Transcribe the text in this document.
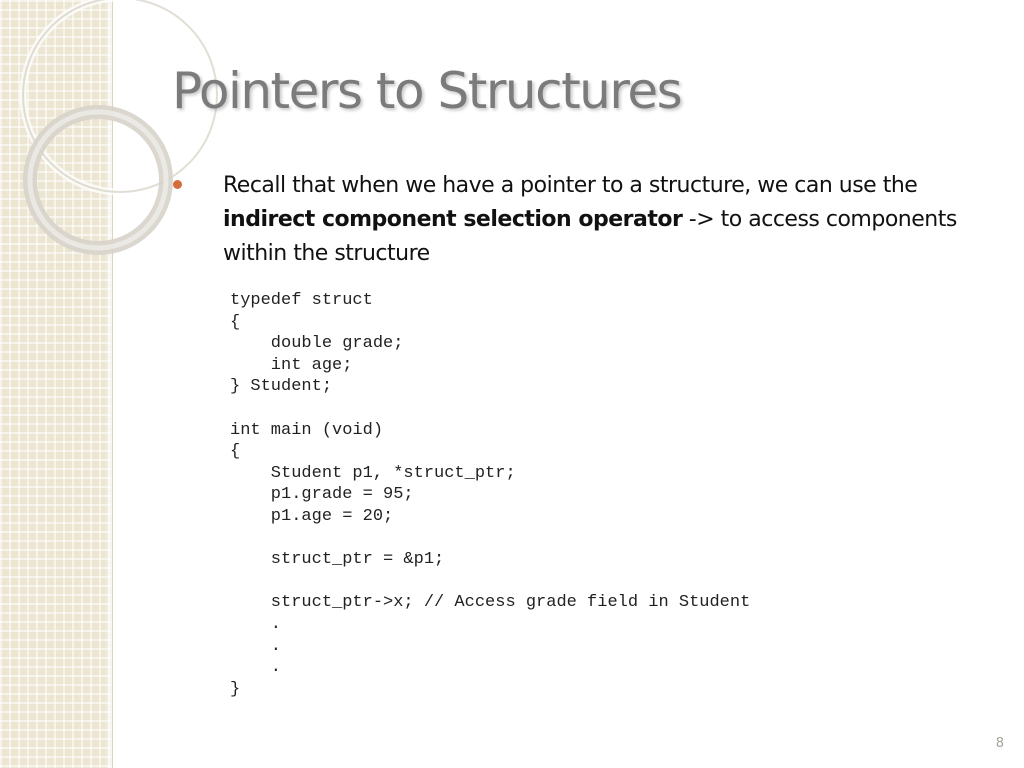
Pointers to Structures
Recall that when we have a pointer to a structure, we can use the indirect component selection operator -> to access components within the structure
typedef struct
{
double grade;
int age;
} Student;

int main (void)
{
Student p1, *struct_ptr;
p1.grade = 95;
p1.age = 20;

struct_ptr = &p1;

struct_ptr->x; // Access grade field in Student
.
.
.
}
8
